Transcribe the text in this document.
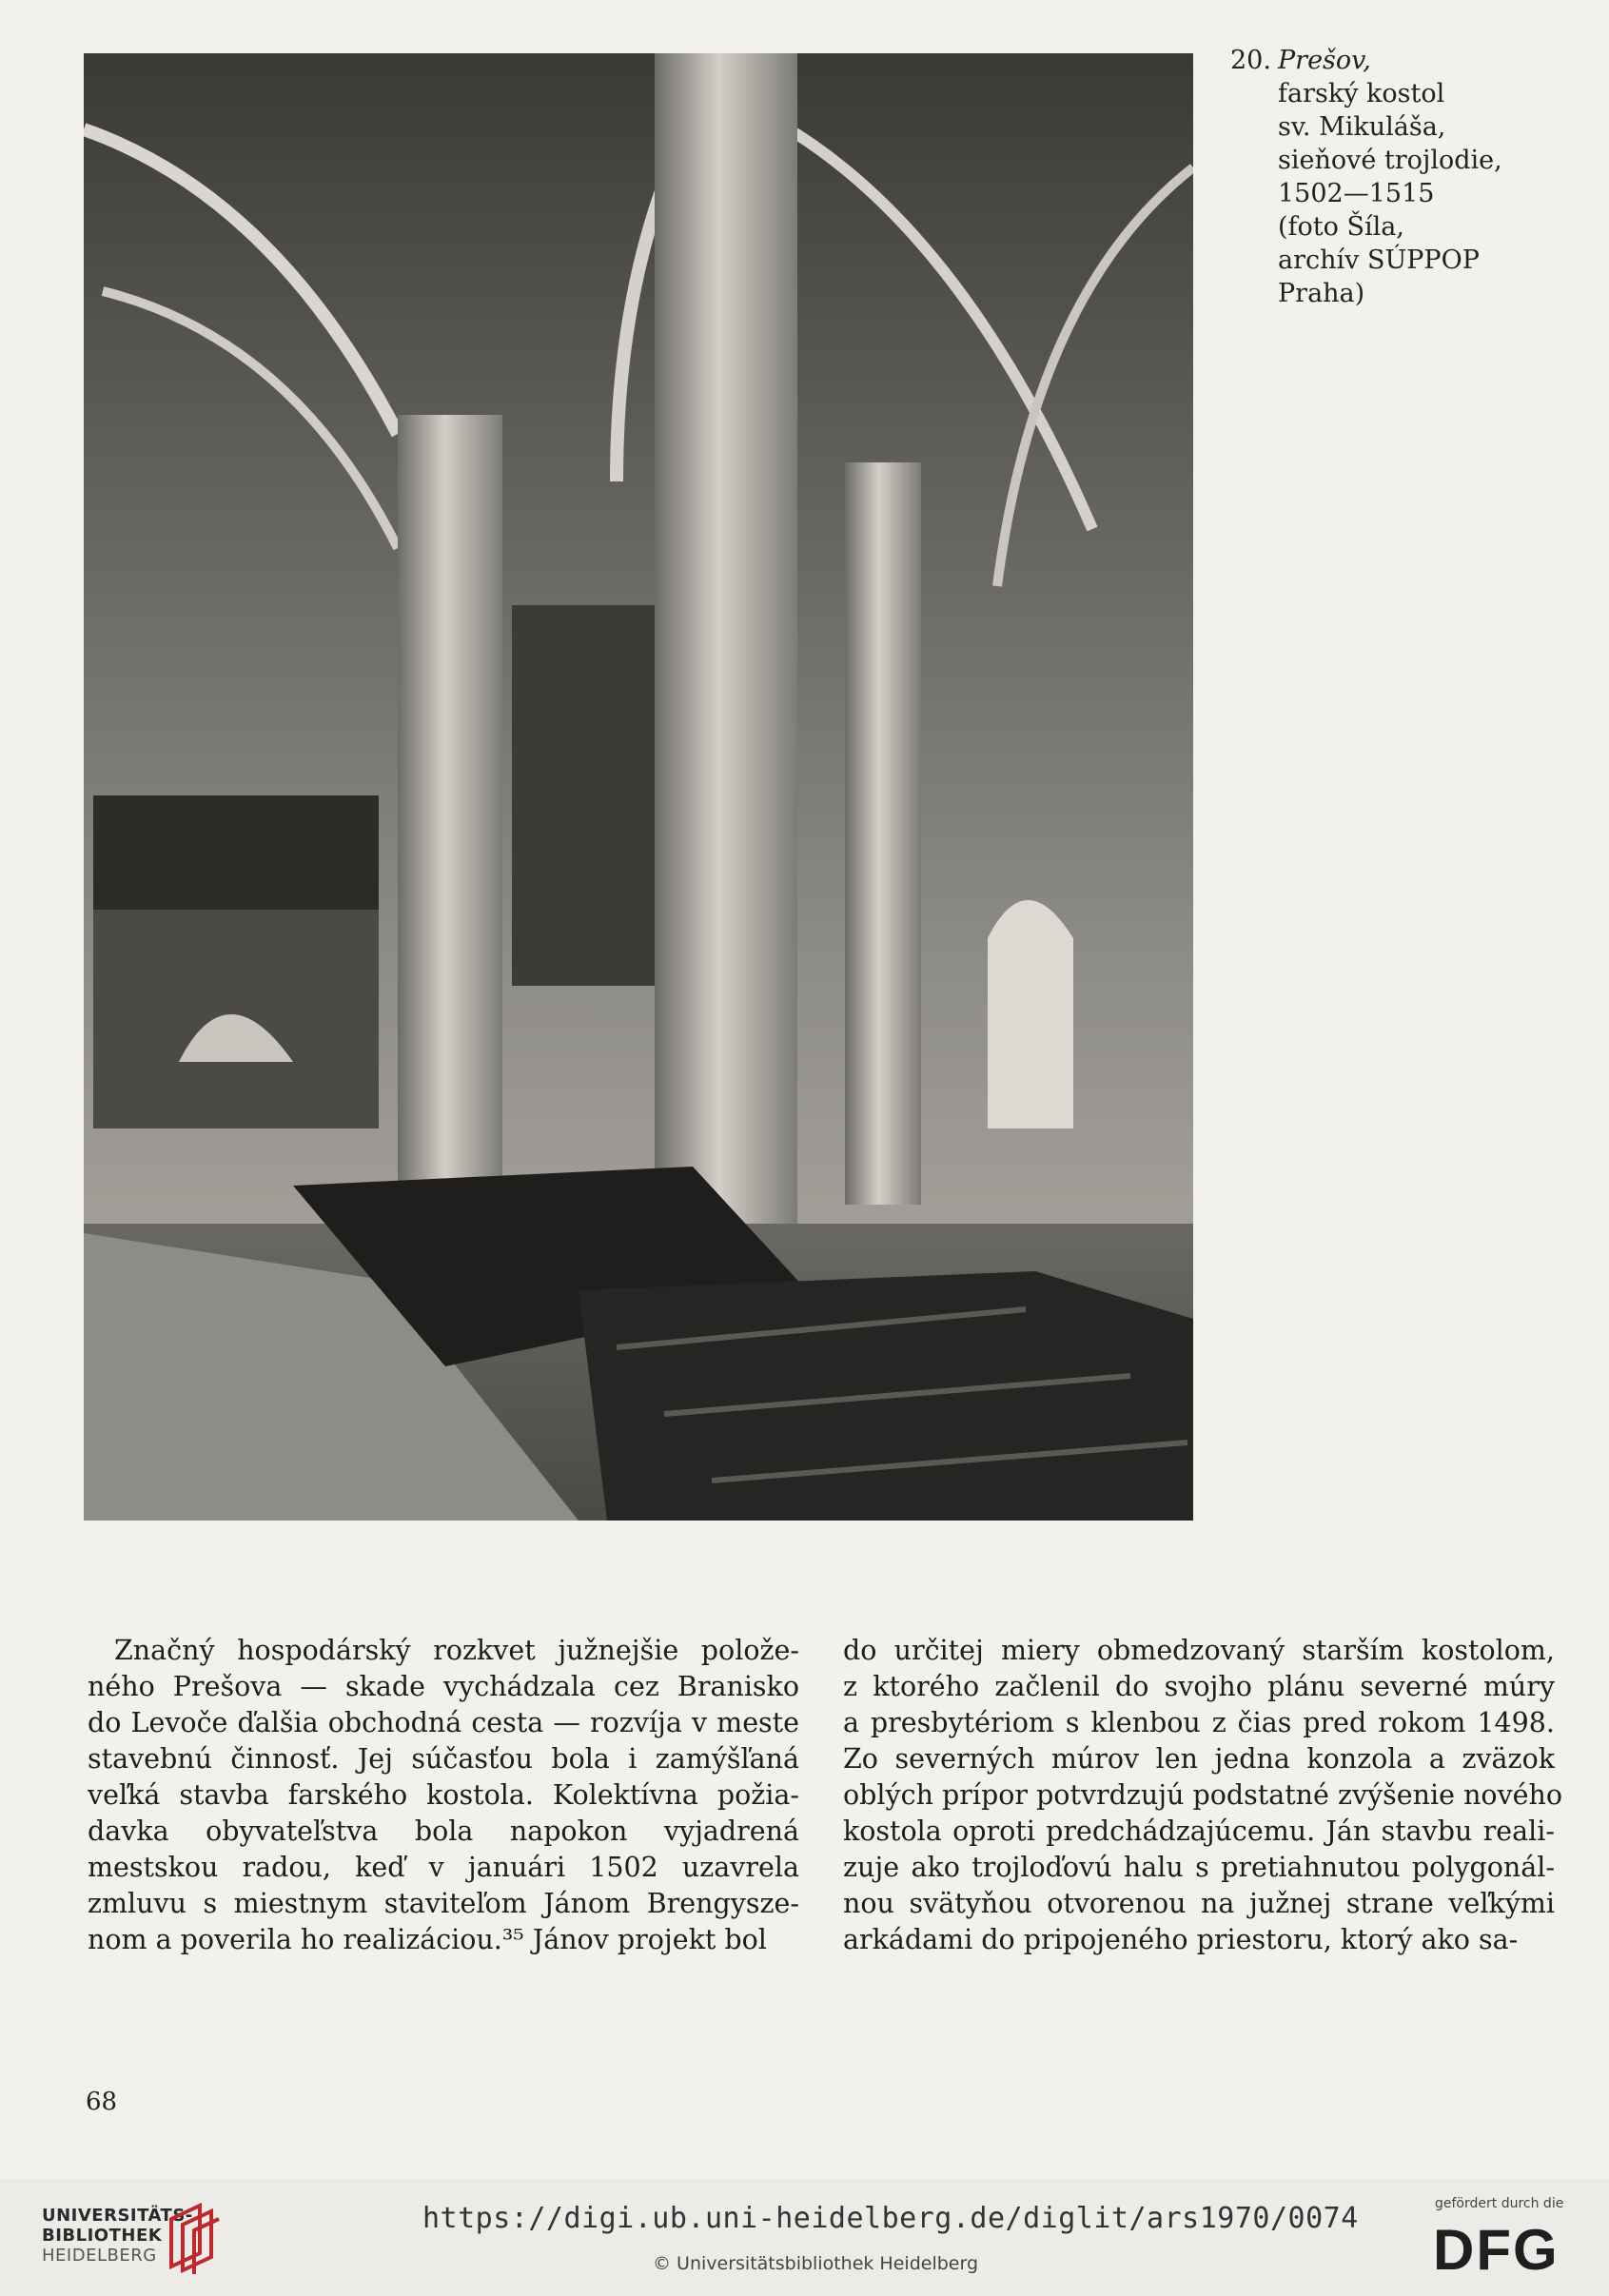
20. Prešov,
farský kostol
sv. Mikuláša,
sieňové trojlodie,
1502—1515
(foto Šíla,
archív SÚPPOP
Praha)
Značný hospodárský rozkvet južnejšie polože-
ného Prešova — skade vychádzala cez Branisko
do Levoče ďalšia obchodná cesta — rozvíja v meste
stavebnú činnosť. Jej súčasťou bola i zamýšľaná
veľká stavba farského kostola. Kolektívna požia-
davka obyvateľstva bola napokon vyjadrená
mestskou radou, keď v januári 1502 uzavrela
zmluvu s miestnym staviteľom Jánom Brengysze-
nom a poverila ho realizáciou.³⁵ Jánov projekt bol
do určitej miery obmedzovaný starším kostolom,
z ktorého začlenil do svojho plánu severné múry
a presbytériom s klenbou z čias pred rokom 1498.
Zo severných múrov len jedna konzola a zväzok
oblých prípor potvrdzujú podstatné zvýšenie nového
kostola oproti predchádzajúcemu. Ján stavbu reali-
zuje ako trojloďovú halu s pretiahnutou polygonál-
nou svätyňou otvorenou na južnej strane veľkými
arkádami do pripojeného priestoru, ktorý ako sa-
68
UNIVERSITÄTS-
BIBLIOTHEK
HEIDELBERG
https://digi.ub.uni-heidelberg.de/diglit/ars1970/0074
© Universitätsbibliothek Heidelberg
gefördert durch die
DFG
